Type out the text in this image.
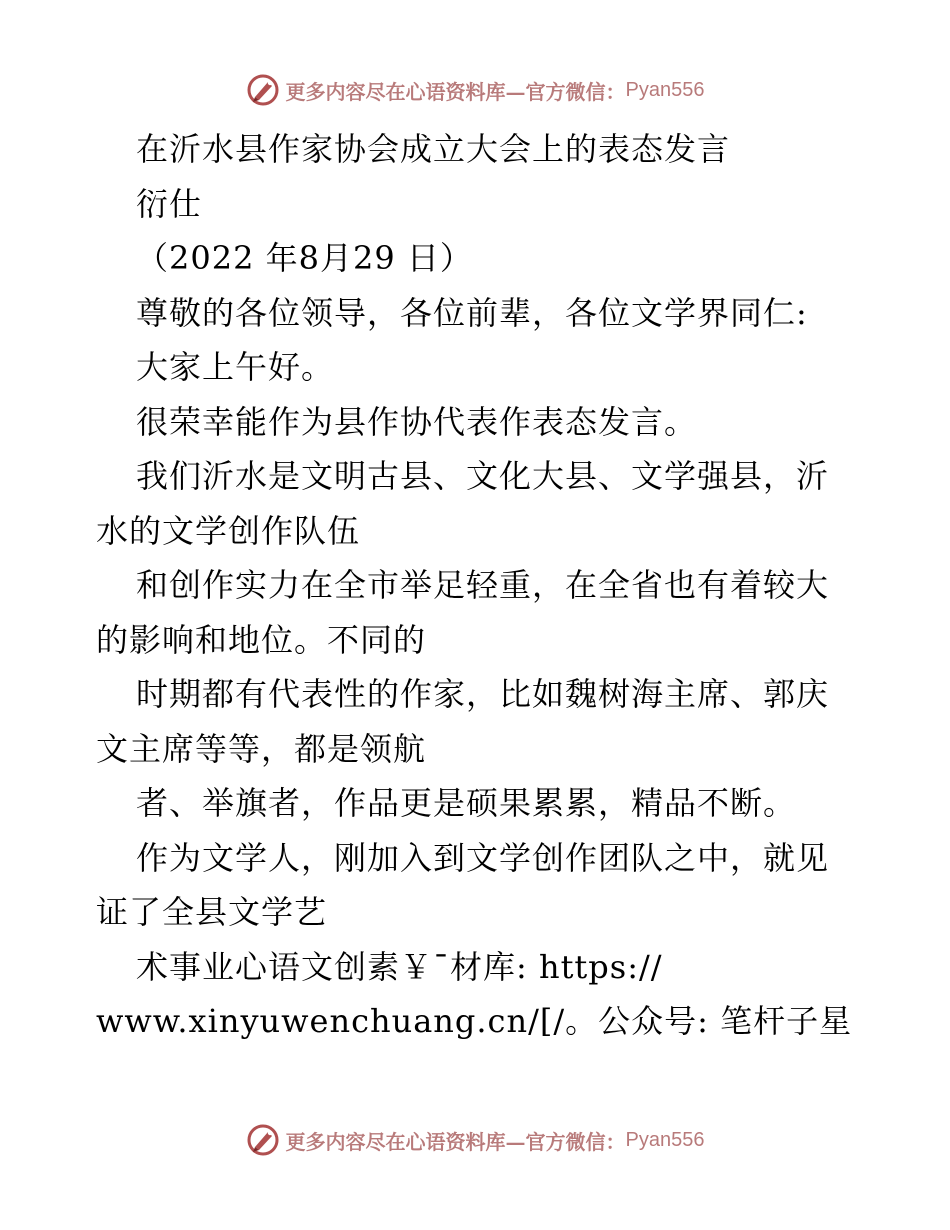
更多内容尽在心语资料库—官方微信： Pyan556
在沂水县作家协会成立大会上的表态发言
衍仕
（2022 年8月29 日）
尊敬的各位领导，各位前辈，各位文学界同仁:
大家上午好。
很荣幸能作为县作协代表作表态发言。
我们沂水是文明古县、文化大县、文学强县，沂
水的文学创作队伍
和创作实力在全市举足轻重，在全省也有着较大
的影响和地位。不同的
时期都有代表性的作家，比如魏树海主席、郭庆
文主席等等，都是领航
者、举旗者，作品更是硕果累累，精品不断。
作为文学人，刚加入到文学创作团队之中，就见
证了全县文学艺
术事业心语文创素￥¯材库: https://
www.xinyuwenchuang.cn/[/。公众号: 笔杆子星
更多内容尽在心语资料库—官方微信： Pyan556
